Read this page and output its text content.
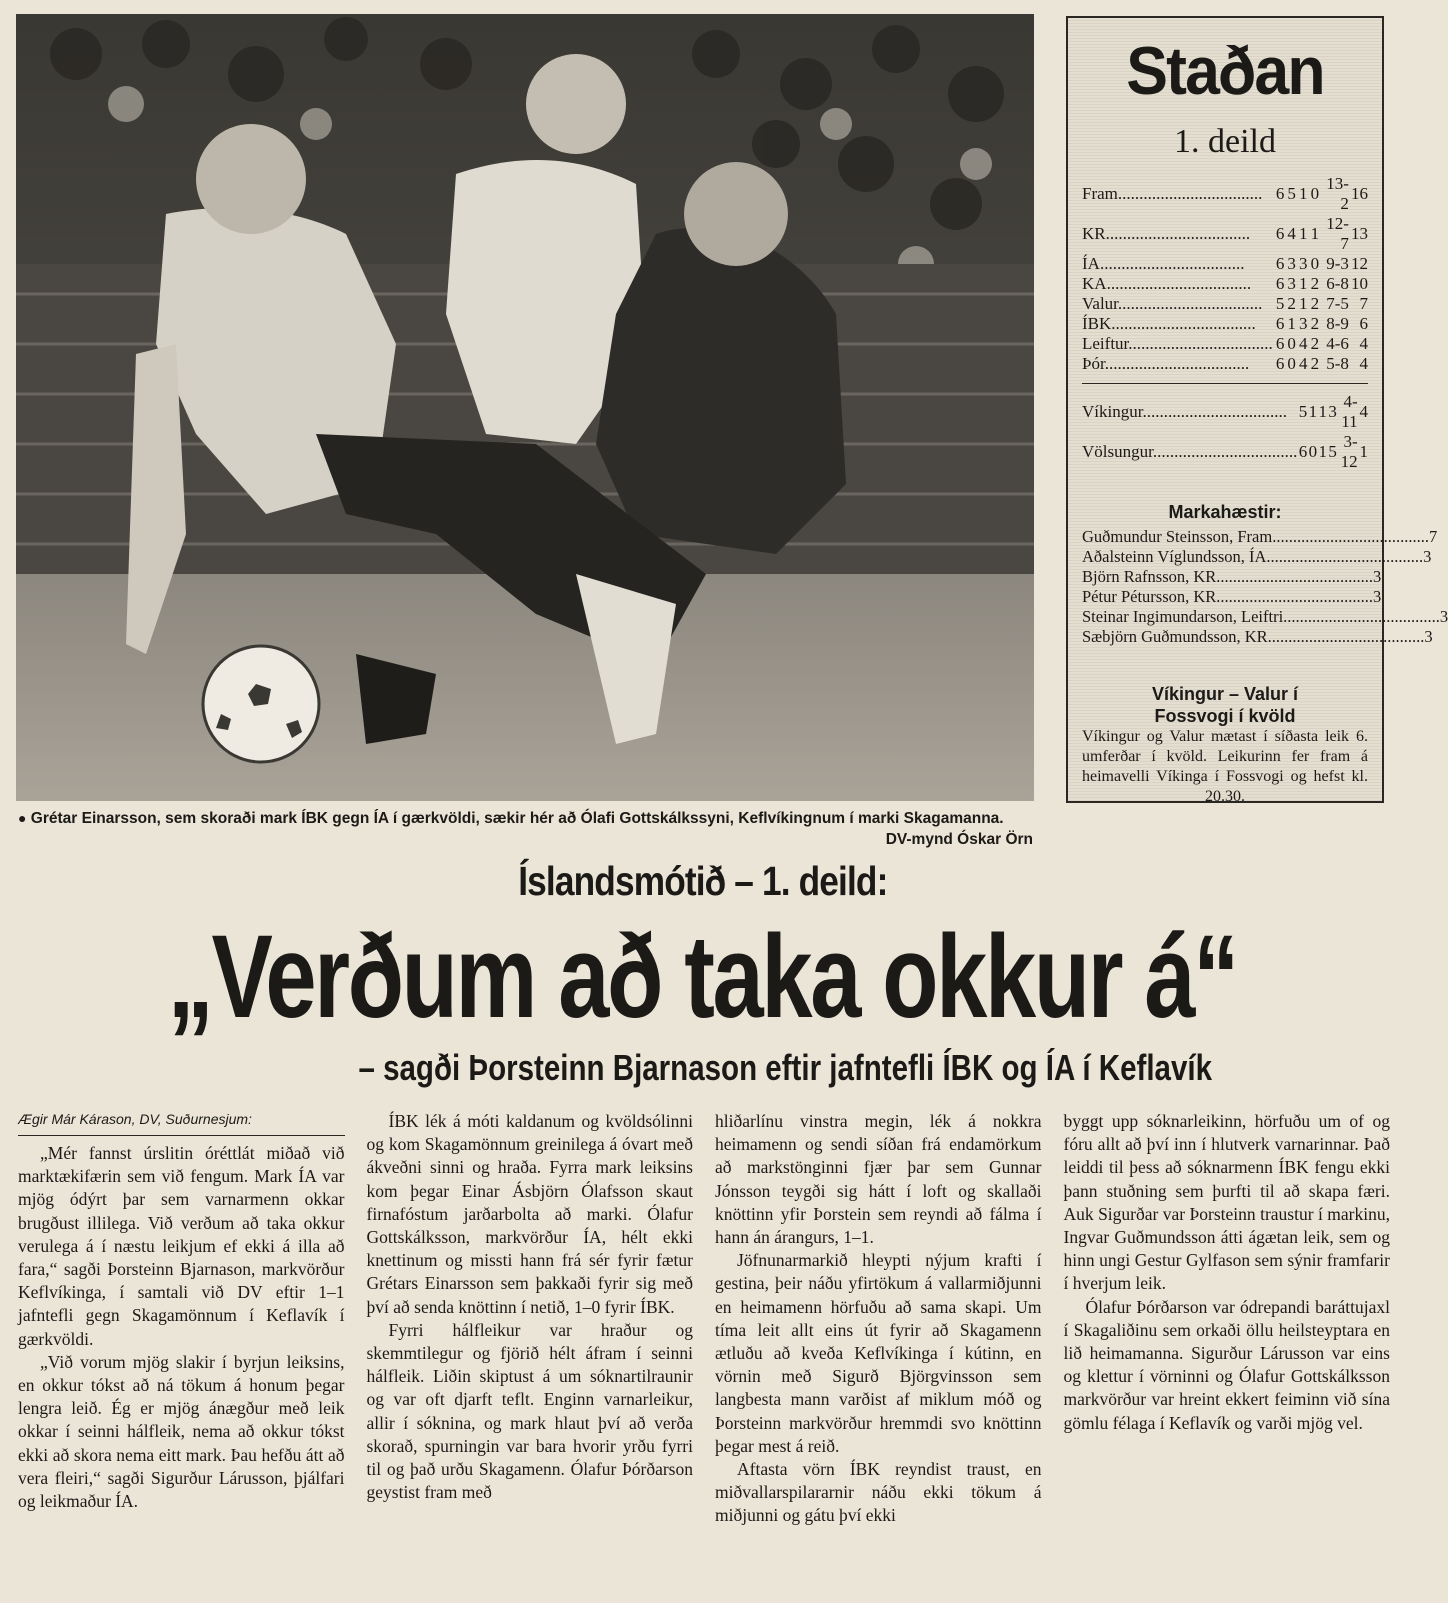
● Grétar Einarsson, sem skoraði mark ÍBK gegn ÍA í gærkvöldi, sækir hér að Ólafi Gottskálkssyni, Keflvíkingnum í marki Skagamanna.
DV-mynd Óskar Örn
Staðan
1. deild
Fram..................................	6	5	1	0	13-2	16
KR..................................	6	4	1	1	12-7	13
ÍA..................................	6	3	3	0	9-3	12
KA..................................	6	3	1	2	6-8	10
Valur..................................	5	2	1	2	7-5	7
ÍBK..................................	6	1	3	2	8-9	6
Leiftur..................................	6	0	4	2	4-6	4
Þór..................................	6	0	4	2	5-8	4
Víkingur..................................	5	1	1	3	4-11	4
Völsungur..................................	6	0	1	5	3-12	1
Markahæstir:
Guðmundur Steinsson, Fram ...................................... 7
Aðalsteinn Víglundsson, ÍA ...................................... 3
Björn Rafnsson, KR ...................................... 3
Pétur Pétursson, KR ...................................... 3
Steinar Ingimundarson, Leiftri ...................................... 3
Sæbjörn Guðmundsson, KR ...................................... 3
Víkingur – Valur í
Fossvogi í kvöld
Víkingur og Valur mætast í síðasta leik 6. umferðar í kvöld. Leikurinn fer fram á heimavelli Víkinga í Fossvogi og hefst kl. 20.30.
Íslandsmótið – 1. deild:
„Verðum að taka okkur á“
– sagði Þorsteinn Bjarnason eftir jafntefli ÍBK og ÍA í Keflavík
Ægir Már Kárason, DV, Suðurnesjum:

„Mér fannst úrslitin óréttlát miðað við marktækifærin sem við fengum. Mark ÍA var mjög ódýrt þar sem varnarmenn okkar brugðust illilega. Við verðum að taka okkur verulega á í næstu leikjum ef ekki á illa að fara,“ sagði Þorsteinn Bjarnason, markvörður Keflvíkinga, í samtali við DV eftir 1–1 jafntefli gegn Skagamönnum í Keflavík í gærkvöldi.

„Við vorum mjög slakir í byrjun leiksins, en okkur tókst að ná tökum á honum þegar lengra leið. Ég er mjög ánægður með leik okkar í seinni hálfleik, nema að okkur tókst ekki að skora nema eitt mark. Þau hefðu átt að vera fleiri,“ sagði Sigurður Lárusson, þjálfari og leikmaður ÍA.

ÍBK lék á móti kaldanum og kvöldsólinni og kom Skagamönnum greinilega á óvart með ákveðni sinni og hraða. Fyrra mark leiksins kom þegar Einar Ásbjörn Ólafsson skaut firnafóstum jarðarbolta að marki. Ólafur Gottskálksson, markvörður ÍA, hélt ekki knettinum og missti hann frá sér fyrir fætur Grétars Einarsson sem þakkaði fyrir sig með því að senda knöttinn í netið, 1–0 fyrir ÍBK.

Fyrri hálfleikur var hraður og skemmtilegur og fjörið hélt áfram í seinni hálfleik. Liðin skiptust á um sóknartilraunir og var oft djarft teflt. Enginn varnarleikur, allir í sóknina, og mark hlaut því að verða skorað, spurningin var bara hvorir yrðu fyrri til og það urðu Skagamenn. Ólafur Þórðarson geystist fram með

hliðarlínu vinstra megin, lék á nokkra heimamenn og sendi síðan frá endamörkum að markstönginni fjær þar sem Gunnar Jónsson teygði sig hátt í loft og skallaði knöttinn yfir Þorstein sem reyndi að fálma í hann án árangurs, 1–1.

Jöfnunarmarkið hleypti nýjum krafti í gestina, þeir náðu yfirtökum á vallarmiðjunni en heimamenn hörfuðu að sama skapi. Um tíma leit allt eins út fyrir að Skagamenn ætluðu að kveða Keflvíkinga í kútinn, en vörnin með Sigurð Björgvinsson sem langbesta mann varðist af miklum móð og Þorsteinn markvörður hremmdi svo knöttinn þegar mest á reið.

Aftasta vörn ÍBK reyndist traust, en miðvallarspilararnir náðu ekki tökum á miðjunni og gátu því ekki

byggt upp sóknarleikinn, hörfuðu um of og fóru allt að því inn í hlutverk varnarinnar. Það leiddi til þess að sóknarmenn ÍBK fengu ekki þann stuðning sem þurfti til að skapa færi. Auk Sigurðar var Þorsteinn traustur í markinu, Ingvar Guðmundsson átti ágætan leik, sem og hinn ungi Gestur Gylfason sem sýnir framfarir í hverjum leik.

Ólafur Þórðarson var ódrepandi baráttujaxl í Skagaliðinu sem orkaði öllu heilsteyptara en lið heimamanna. Sigurður Lárusson var eins og klettur í vörninni og Ólafur Gottskálksson markvörður var hreint ekkert feiminn við sína gömlu félaga í Keflavík og varði mjög vel.
